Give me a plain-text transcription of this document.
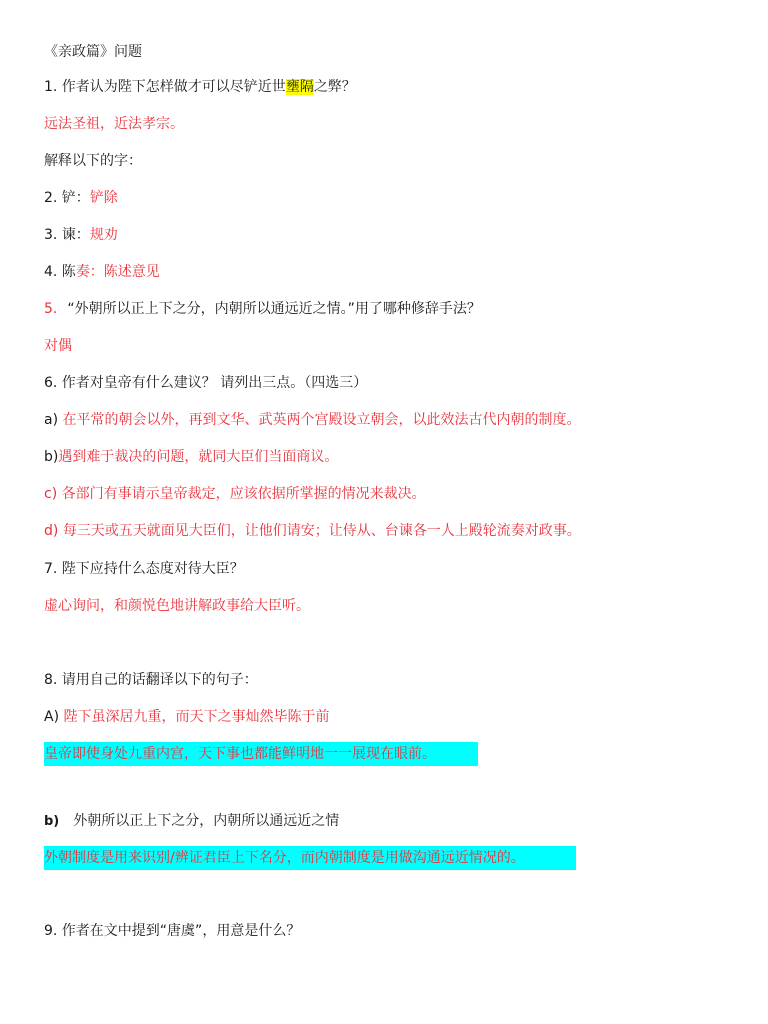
《亲政篇》问题
1. 作者认为陛下怎样做才可以尽铲近世壅隔之弊？
远法圣祖，近法孝宗。
解释以下的字：
2. 铲：铲除
3. 谏：规劝
4. 陈奏：陈述意见
5. “外朝所以正上下之分，内朝所以通远近之情。”用了哪种修辞手法？
对偶
6. 作者对皇帝有什么建议？ 请列出三点。（四选三）
a) 在平常的朝会以外，再到文华、武英两个宫殿设立朝会，以此效法古代内朝的制度。
b)遇到难于裁决的问题，就同大臣们当面商议。
c) 各部门有事请示皇帝裁定，应该依据所掌握的情况来裁决。
d) 每三天或五天就面见大臣们，让他们请安；让侍从、台谏各一人上殿轮流奏对政事。
7. 陛下应持什么态度对待大臣？
虚心询问，和颜悦色地讲解政事给大臣听。
8. 请用自己的话翻译以下的句子：
A) 陛下虽深居九重，而天下之事灿然毕陈于前
皇帝即使身处九重内宫，天下事也都能鲜明地一一展现在眼前。
b) 外朝所以正上下之分，内朝所以通远近之情
外朝制度是用来识别/辨证君臣上下名分，而内朝制度是用做沟通远近情况的。
9. 作者在文中提到“唐虞”，用意是什么？
